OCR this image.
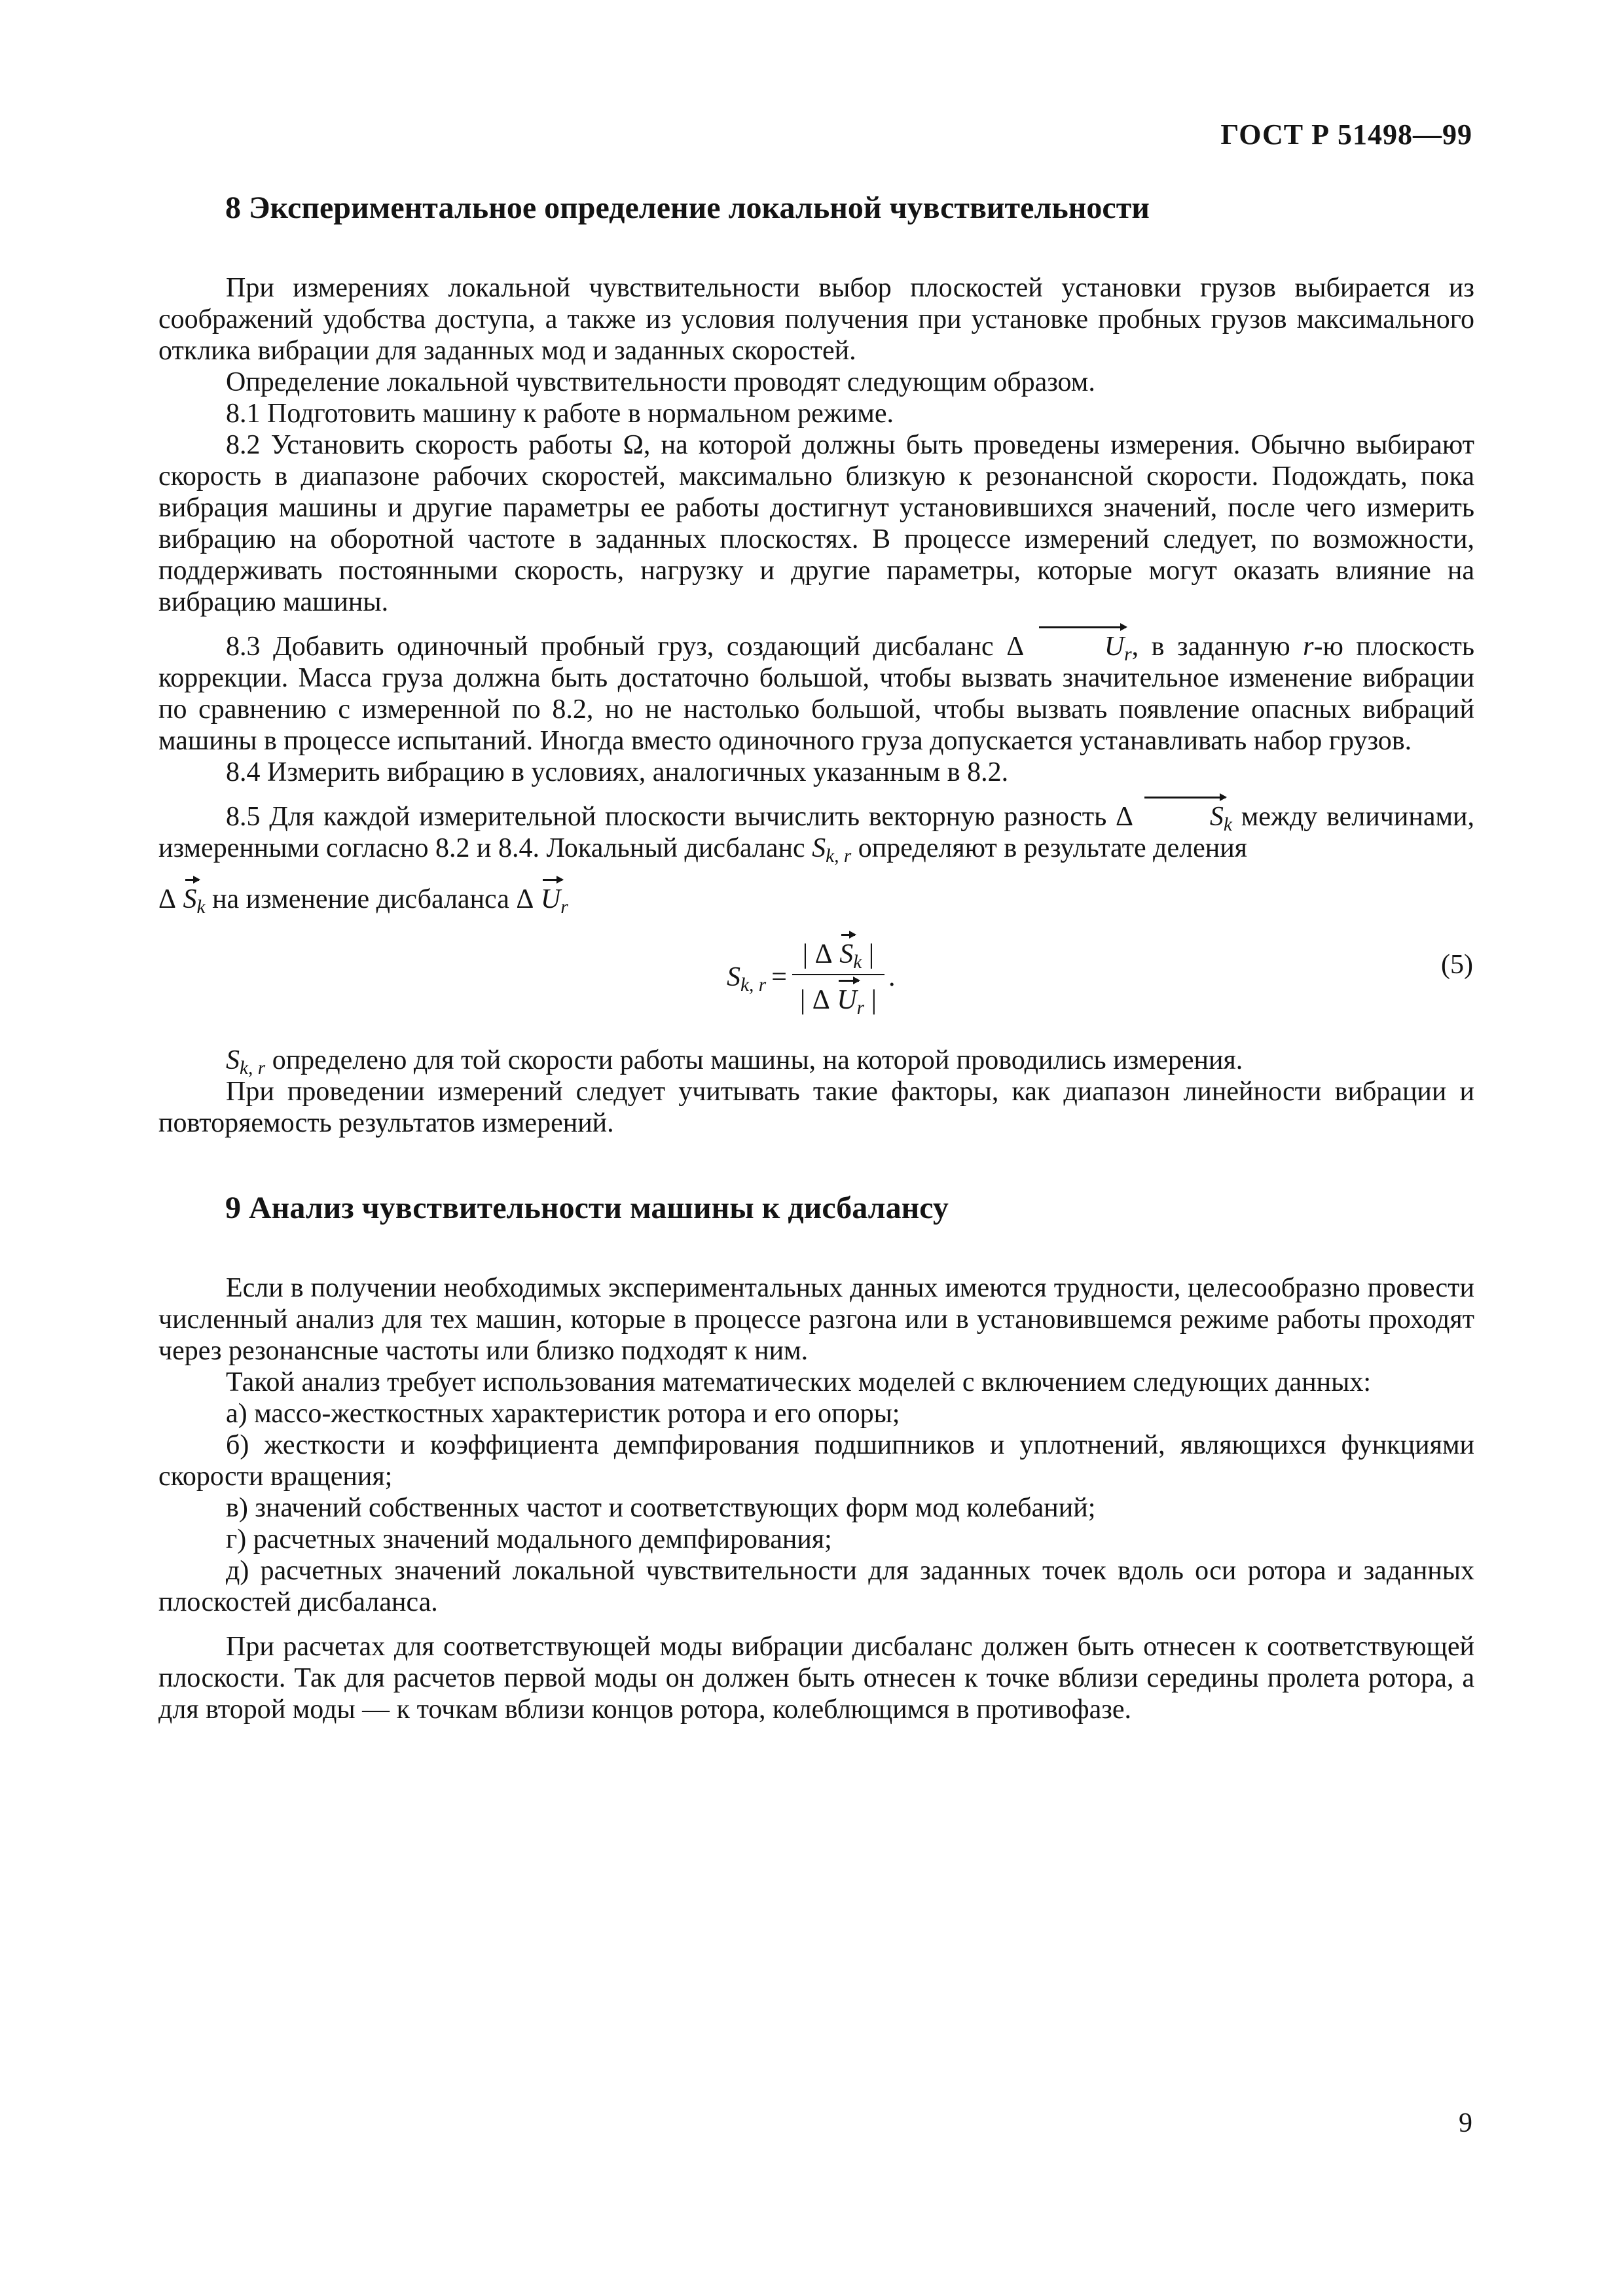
ГОСТ Р 51498—99
8 Экспериментальное определение локальной чувствительности

При измерениях локальной чувствительности выбор плоскостей установки грузов выбирается из соображений удобства доступа, а также из условия получения при установке пробных грузов максимального отклика вибрации для заданных мод и заданных скоростей.

Определение локальной чувствительности проводят следующим образом.

8.1 Подготовить машину к работе в нормальном режиме.

8.2 Установить скорость работы Ω, на которой должны быть проведены измерения. Обычно выбирают скорость в диапазоне рабочих скоростей, максимально близкую к резонансной скорости. Подождать, пока вибрация машины и другие параметры ее работы достигнут установившихся значений, после чего измерить вибрацию на оборотной частоте в заданных плоскостях. В процессе измерений следует, по возможности, поддерживать постоянными скорость, нагрузку и другие параметры, которые могут оказать влияние на вибрацию машины.

8.3 Добавить одиночный пробный груз, создающий дисбаланс Δ	$U_r$, в заданную r-ю плоскость коррекции. Масса груза должна быть достаточно большой, чтобы вызвать значительное изменение вибрации по сравнению с измеренной по 8.2, но не настолько большой, чтобы вызвать появление опасных вибраций машины в процессе испытаний. Иногда вместо одиночного груза допускается устанавливать набор грузов.

8.4 Измерить вибрацию в условиях, аналогичных указанным в 8.2.

8.5 Для каждой измерительной плоскости вычислить векторную разность Δ	$S_k$ между величинами, измеренными согласно 8.2 и 8.4. Локальный дисбаланс $S_{k, r}$ определяют в результате деления
Δ $S_k$ на изменение дисбаланса Δ $U_r$

$S_{k, r} = \frac{| \Delta S_k |}{| \Delta U_r |}$ .	(5)

$S_{k, r}$ определено для той скорости работы машины, на которой проводились измерения.

При проведении измерений следует учитывать такие факторы, как диапазон линейности вибрации и повторяемость результатов измерений.

9 Анализ чувствительности машины к дисбалансу

Если в получении необходимых экспериментальных данных имеются трудности, целесообразно провести численный анализ для тех машин, которые в процессе разгона или в установившемся режиме работы проходят через резонансные частоты или близко подходят к ним.

Такой анализ требует использования математических моделей с включением следующих данных:

а) массо-жесткостных характеристик ротора и его опоры;

б) жесткости и коэффициента демпфирования подшипников и уплотнений, являющихся функциями скорости вращения;

в) значений собственных частот и соответствующих форм мод колебаний;

г) расчетных значений модального демпфирования;

д) расчетных значений локальной чувствительности для заданных точек вдоль оси ротора и заданных плоскостей дисбаланса.

При расчетах для соответствующей моды вибрации дисбаланс должен быть отнесен к соответствующей плоскости. Так для расчетов первой моды он должен быть отнесен к точке вблизи середины пролета ротора, а для второй моды — к точкам вблизи концов ротора, колеблющимся в противофазе.

9
